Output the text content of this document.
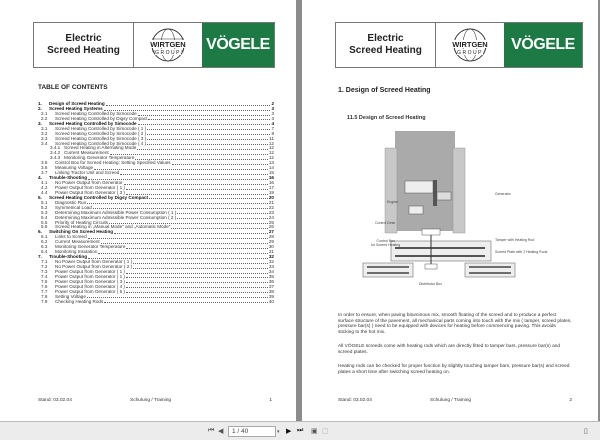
Electric
Screed Heating
WIRTGEN
GROUP VÖGELE
TABLE OF CONTENTS
1.	Design of Screed Heating	2
2.	Screed Heating Systems	3
2.1	Screed Heating Controlled by Simocode	3
2.2	Screed Heating Controlled by Digsy Compact	3
3.	Screed Heating Controlled by Simocode	4
3.1	Screed Heating Controlled by Simocode ( 1 )	7
3.2	Screed Heating Controlled by Simocode ( 2 )	8
3.3	Screed Heating Controlled by Simocode ( 3 )	11
3.4	Screed Heating Controlled by Simocode ( 4 )	12
3.4.1 Screed Heating in Alternating Mode	12
3.4.2 Current Measurement	12
3.4.3 Monitoring Generator Temperature	12
3.5	Control Box for Screed Heating: Setting Specified Values	13
3.6	Measuring Voltage	14
3.7	Linking Tractor Unit and Screed	15
4.	Trouble-Shooting	16
4.1	No Power Output from Generator	16
4.2	Power Output from Generator ( 1 )	17
4.4	Power Output from Generator ( 3 )	19
5.	Screed Heating Controlled by Digsy Compact	20
5.1	Diagnostic Run	21
5.2	Symmetrical Load	22
5.3	Determining Maximum Admissible Power Consumption ( 1 )	23
5.4	Determining Maximum Admissible Power Consumption ( 2 )	24
5.5	Priority of Heating Circuits	25
5.6	Screed Heating in „Manual Mode" and „Automatic Mode"	26
6.	Switching On Screed Heating	27
6.1	Links to Screed	28
6.2	Current Measurement	29
6.3	Monitoring Generator Temperature	30
6.4	Monitoring Insulation	31
7.	Trouble-Shooting	32
7.1	No Power Output from Generator ( 1 )	32
7.2	No Power Output from Generator ( 2 )	33
7.3	Power Output from Generator ( 1 )	34
7.4	Power Output from Generator ( 1 )	35
7.5	Power Output from Generator ( 3 )	36
7.6	Power Output from Generator ( 4 )	37
7.7	Power Output from Generator ( 5 )	38
7.8	Setting Voltage	39
7.9	Checking Heating Rods	40
Stand: 03.02.04	Schulung / Training	1
Electric
Screed Heating
WIRTGEN
GROUP	VÖGELE
1. Design of Screed Heating
11.5 Design of Screed Heating
Engine
Control Desk
Control Box
for Screed Heating
Generator
Tamper with Heating Rod
Screed Plate with 2 Heating Rods
Distributor Box
In order to ensure, when paving bituminous mix, smooth floating of the screed and to produce a perfect surface structure of the pavement, all mechanical parts coming into touch with the mix ( tamper, screed plates, pressure bar(s) ) need to be equipped with devices for heating before commencing paving. This avoids sticking to the hot mix.
All VÖGELE screeds come with heating rods which are directly fitted to tamper bars, pressure bar(s) and screed plates.
Heating rods can be checked for proper function by slightly touching tamper bars, pressure bar(s) and screed plates a short time after switching screed heating on.
Stand: 03.02.04	Schulung / Training	2
⏮ ◀	1 / 40	▾ ▶ ⏭ ▣ ▢	▯
